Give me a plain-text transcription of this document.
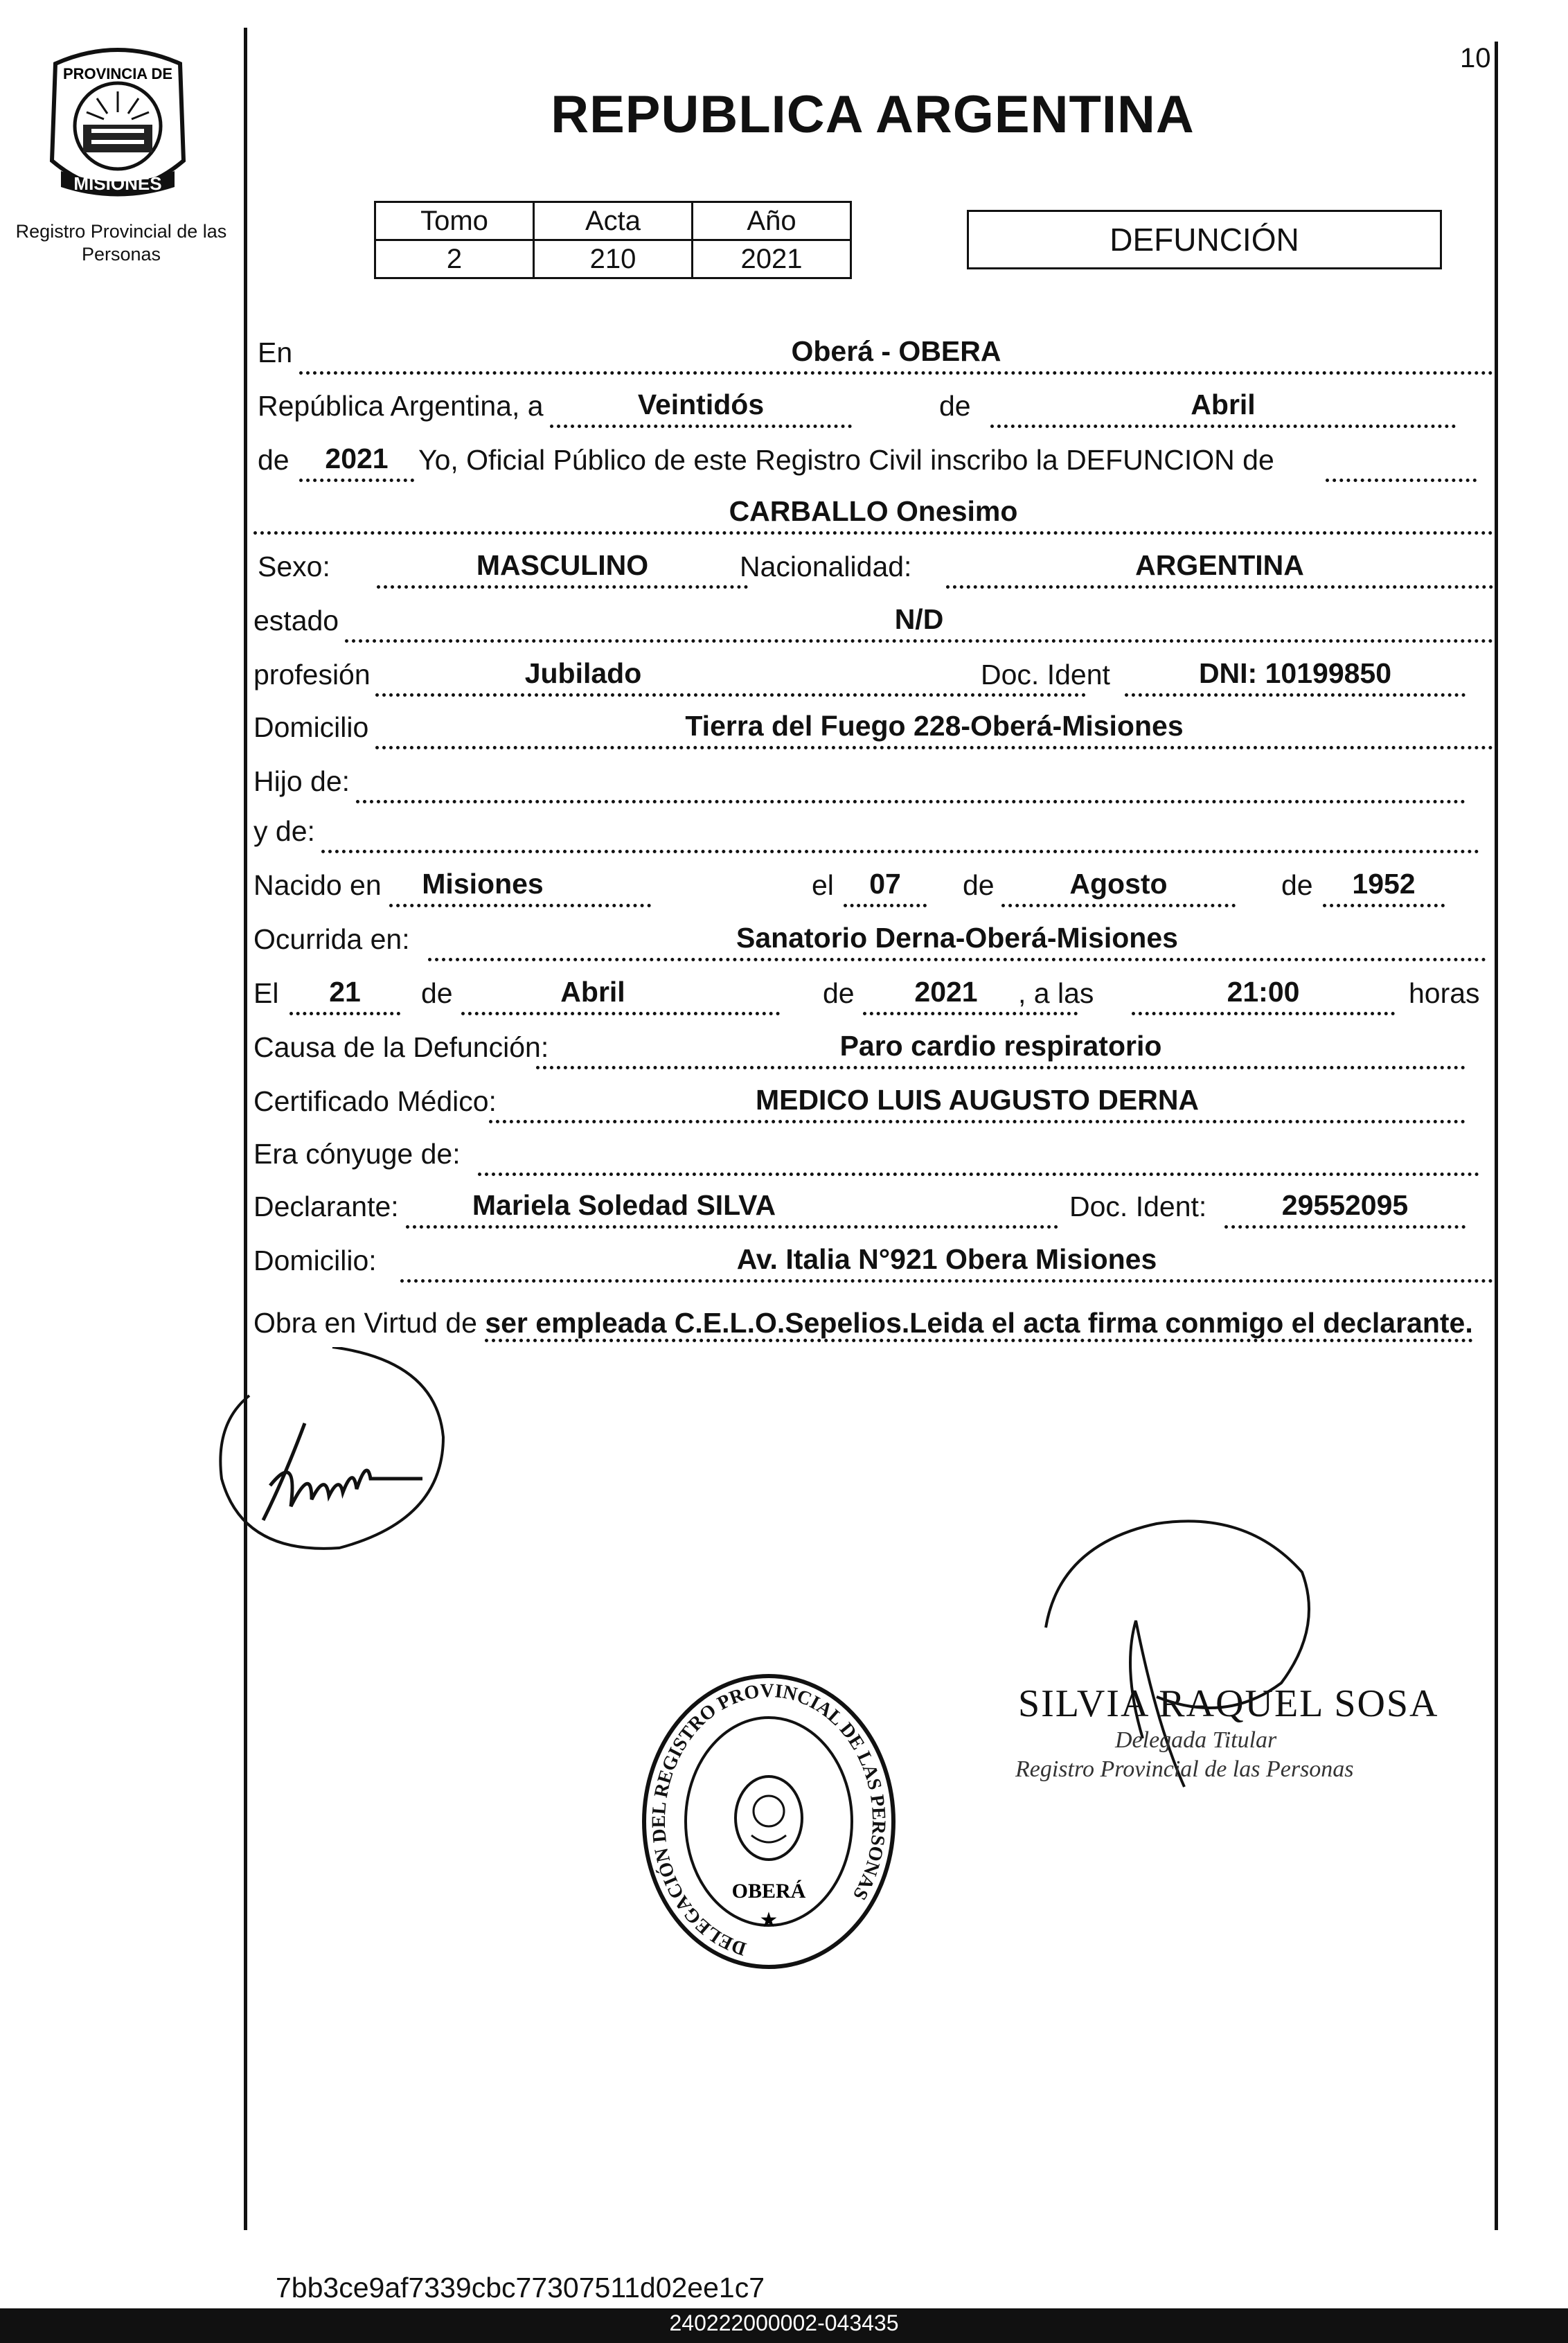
PROVINCIA DE
MISIONES
Registro Provincial de las Personas
10
REPUBLICA ARGENTINA
Tomo	Acta	Año
2	210	2021
DEFUNCIÓN
En	Oberá - OBERA
República Argentina, a	Veintidós	de	Abril
de	2021	Yo, Oficial Público de este Registro Civil inscribo la DEFUNCION de
CARBALLO Onesimo
Sexo:	MASCULINO	Nacionalidad:	ARGENTINA
estado	N/D
profesión	Jubilado	Doc. Ident	DNI: 10199850
Domicilio	Tierra del Fuego 228-Oberá-Misiones
Hijo de:
y de:
Nacido en	Misiones	el	07	de	Agosto	de	1952
Ocurrida en:	Sanatorio Derna-Oberá-Misiones
El	21	de	Abril	de	2021	, a las	21:00	horas
Causa de la Defunción:	Paro cardio respiratorio
Certificado Médico:	MEDICO LUIS AUGUSTO DERNA
Era cónyuge de:
Declarante:	Mariela Soledad SILVA	Doc. Ident:	29552095
Domicilio:	Av. Italia N°921 Obera Misiones
Obra en Virtud de ser empleada C.E.L.O.Sepelios.Leida el acta firma conmigo el declarante.
DELEGACIÓN DEL REGISTRO PROVINCIAL DE LAS PERSONAS
OBERÁ
★
SILVIA RAQUEL SOSA
Delegada Titular
Registro Provincial de las Personas
7bb3ce9af7339cbc77307511d02ee1c7
240222000002-043435
